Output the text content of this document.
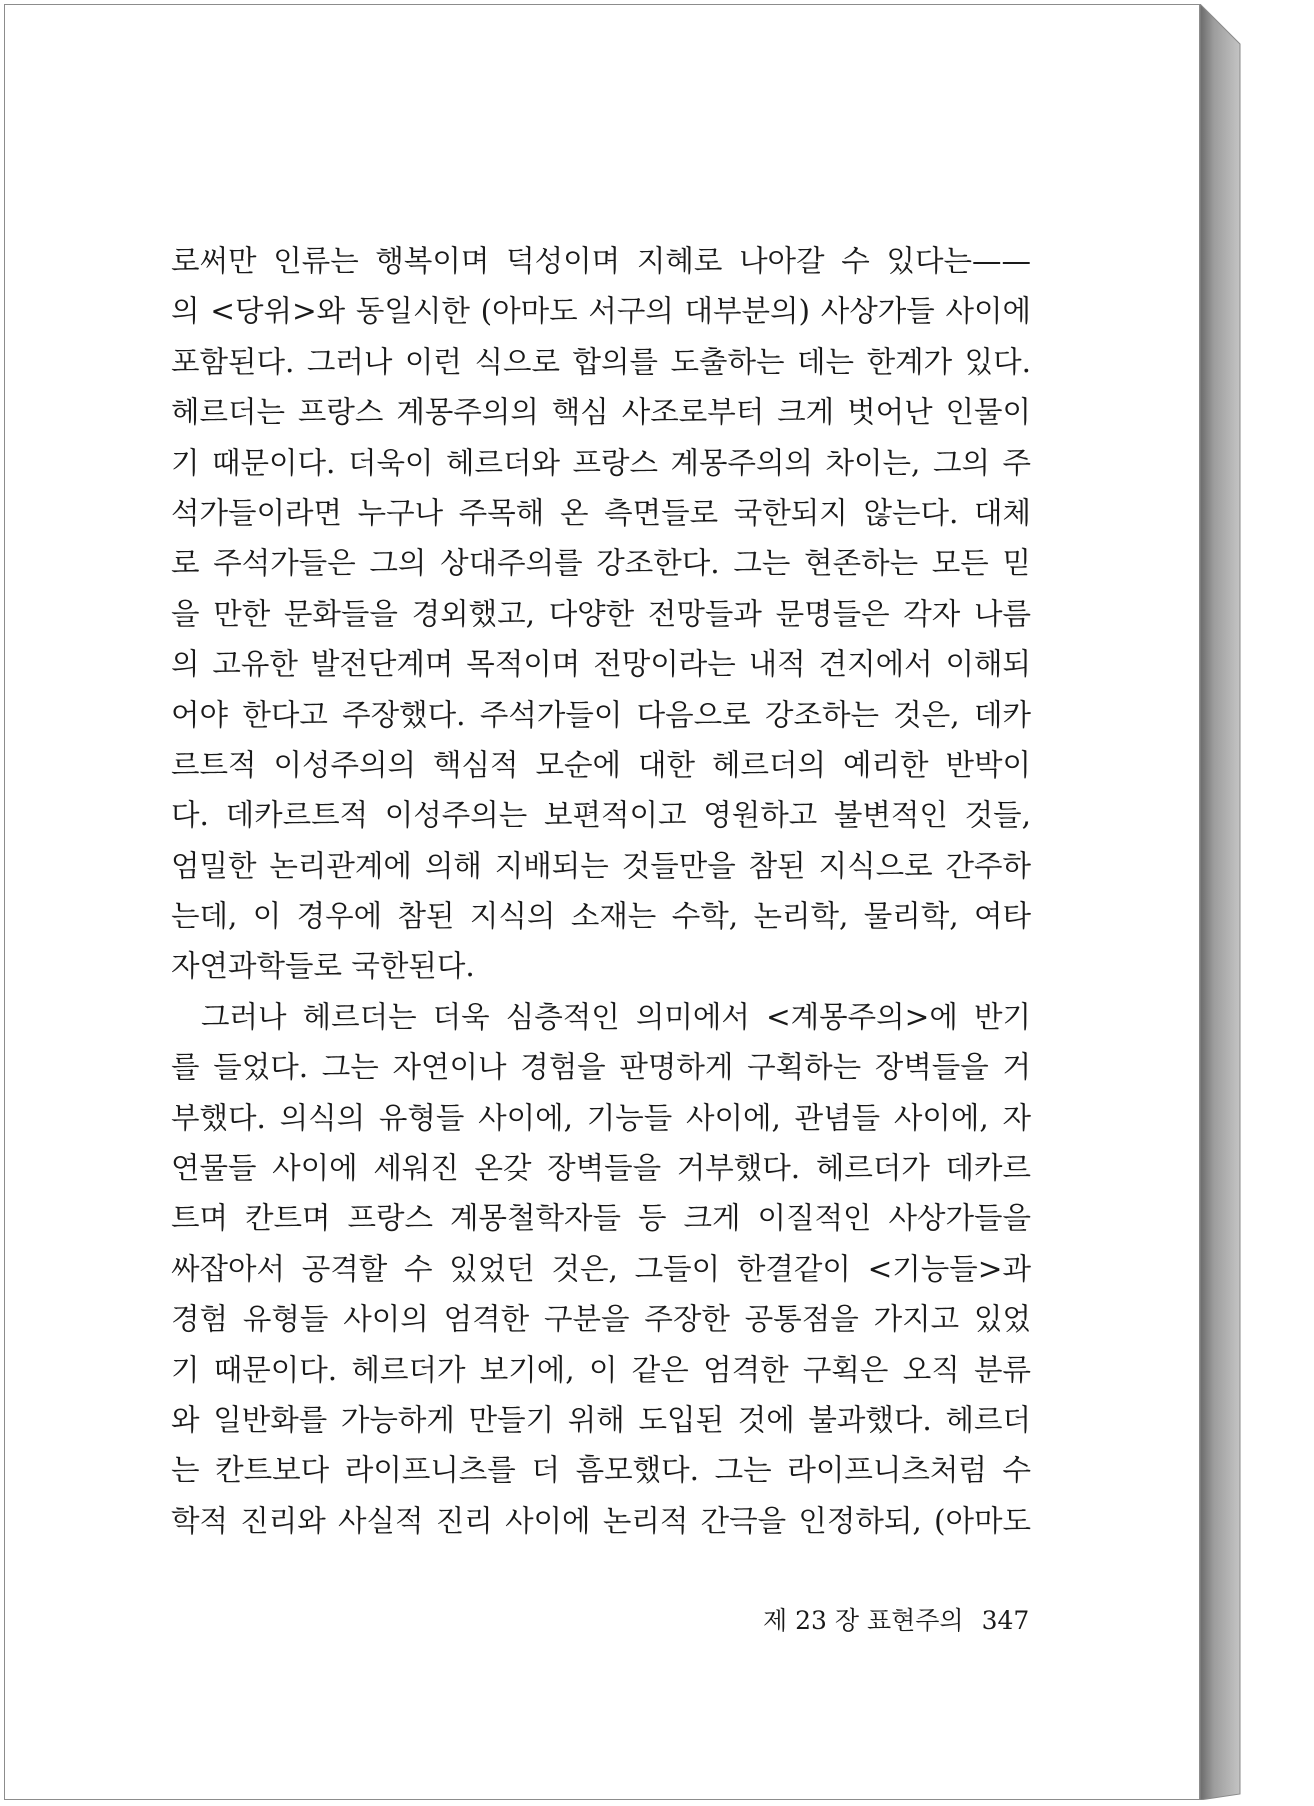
로써만 인류는 행복이며 덕성이며 지혜로 나아갈 수 있다는——
의 <당위>와 동일시한 (아마도 서구의 대부분의) 사상가들 사이에
포함된다. 그러나 이런 식으로 합의를 도출하는 데는 한계가 있다.
헤르더는 프랑스 계몽주의의 핵심 사조로부터 크게 벗어난 인물이
기 때문이다. 더욱이 헤르더와 프랑스 계몽주의의 차이는, 그의 주
석가들이라면 누구나 주목해 온 측면들로 국한되지 않는다. 대체
로 주석가들은 그의 상대주의를 강조한다. 그는 현존하는 모든 믿
을 만한 문화들을 경외했고, 다양한 전망들과 문명들은 각자 나름
의 고유한 발전단계며 목적이며 전망이라는 내적 견지에서 이해되
어야 한다고 주장했다. 주석가들이 다음으로 강조하는 것은, 데카
르트적 이성주의의 핵심적 모순에 대한 헤르더의 예리한 반박이
다. 데카르트적 이성주의는 보편적이고 영원하고 불변적인 것들,
엄밀한 논리관계에 의해 지배되는 것들만을 참된 지식으로 간주하
는데, 이 경우에 참된 지식의 소재는 수학, 논리학, 물리학, 여타
자연과학들로 국한된다.
그러나 헤르더는 더욱 심층적인 의미에서 <계몽주의>에 반기
를 들었다. 그는 자연이나 경험을 판명하게 구획하는 장벽들을 거
부했다. 의식의 유형들 사이에, 기능들 사이에, 관념들 사이에, 자
연물들 사이에 세워진 온갖 장벽들을 거부했다. 헤르더가 데카르
트며 칸트며 프랑스 계몽철학자들 등 크게 이질적인 사상가들을
싸잡아서 공격할 수 있었던 것은, 그들이 한결같이 <기능들>과
경험 유형들 사이의 엄격한 구분을 주장한 공통점을 가지고 있었
기 때문이다. 헤르더가 보기에, 이 같은 엄격한 구획은 오직 분류
와 일반화를 가능하게 만들기 위해 도입된 것에 불과했다. 헤르더
는 칸트보다 라이프니츠를 더 흠모했다. 그는 라이프니츠처럼 수
학적 진리와 사실적 진리 사이에 논리적 간극을 인정하되, (아마도
제 23 장 표현주의 347
